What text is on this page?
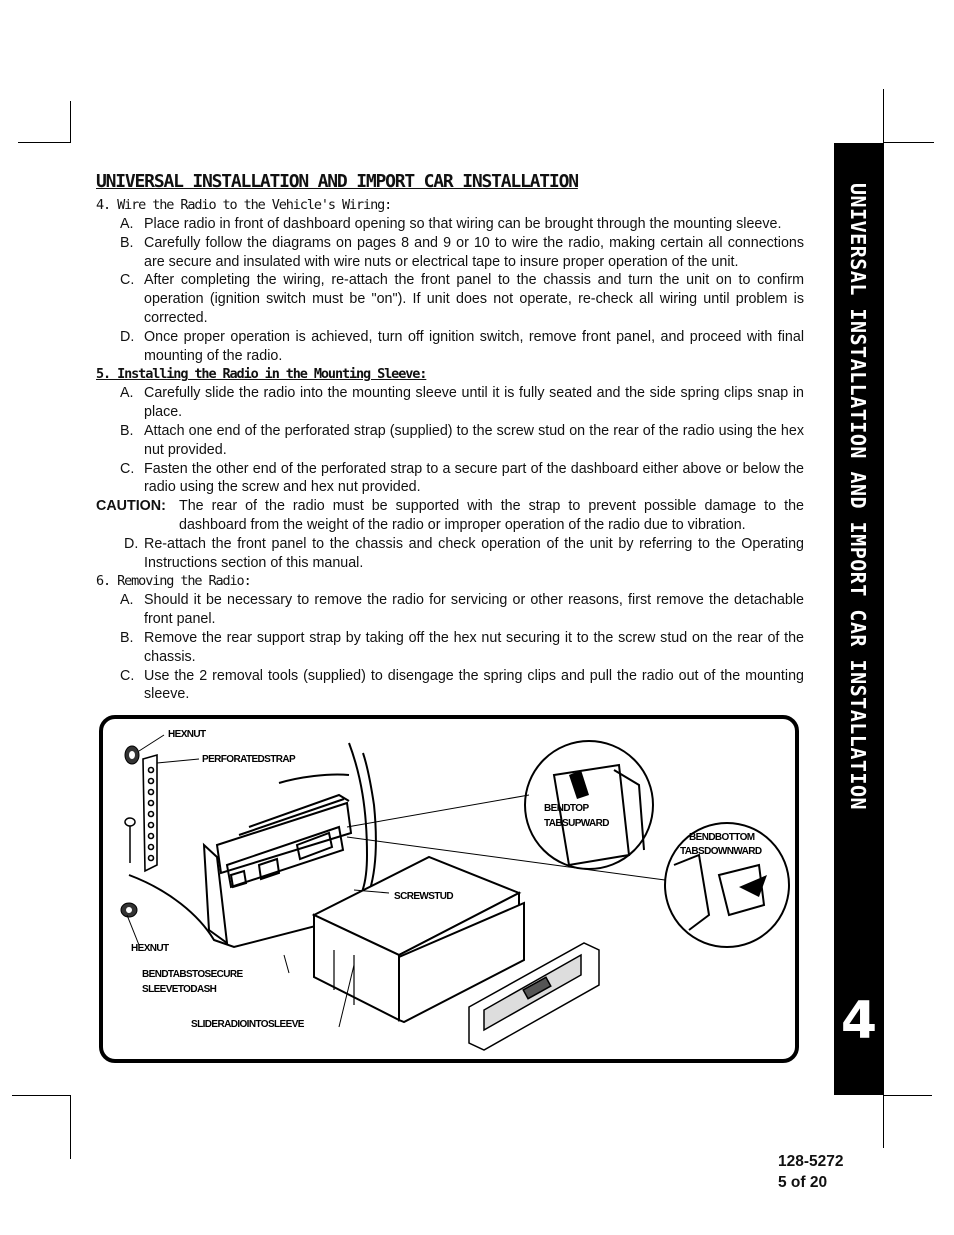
UNIVERSAL INSTALLATION AND IMPORT CAR INSTALLATION
4
UNIVERSAL INSTALLATION AND IMPORT CAR INSTALLATION

4. Wire the Radio to the Vehicle's Wiring:

A. Place radio in front of dashboard opening so that wiring can be brought through the mounting sleeve.

B. Carefully follow the diagrams on pages 8 and 9 or 10 to wire the radio, making certain all connections are secure and insulated with wire nuts or electrical tape to insure proper operation of the unit.

C. After completing the wiring, re-attach the front panel to the chassis and turn the unit on to confirm operation (ignition switch must be "on"). If unit does not operate, re-check all wiring until problem is corrected.

D. Once proper operation is achieved, turn off ignition switch, remove front panel, and proceed with final mounting of the radio.

5. Installing the Radio in the Mounting Sleeve:

A. Carefully slide the radio into the mounting sleeve until it is fully seated and the side spring clips snap in place.

B. Attach one end of the perforated strap (supplied) to the screw stud on the rear of the radio using the hex nut provided.

C. Fasten the other end of the perforated strap to a secure part of the dashboard either above or below the radio using the screw and hex nut provided.

CAUTION: The rear of the radio must be supported with the strap to prevent possible damage to the dashboard from the weight of the radio or improper operation of the radio due to vibration.

D. Re-attach the front panel to the chassis and check operation of the unit by referring to the Operating Instructions section of this manual.

6. Removing the Radio:

A. Should it be necessary to remove the radio for servicing or other reasons, first remove the detachable front panel.

B. Remove the rear support strap by taking off the hex nut securing it to the screw stud on the rear of the chassis.

C. Use the 2 removal tools (supplied) to disengage the spring clips and pull the radio out of the mounting sleeve.

HEXNUT
PERFORATEDSTRAP
BENDTOP
TABSUPWARD
BENDBOTTOM
TABSDOWNWARD
SCREWSTUD
HEXNUT
BENDTABSTOSECURE
SLEEVETODASH
SLIDERADIOINTOSLEEVE
128-5272
5 of 20
